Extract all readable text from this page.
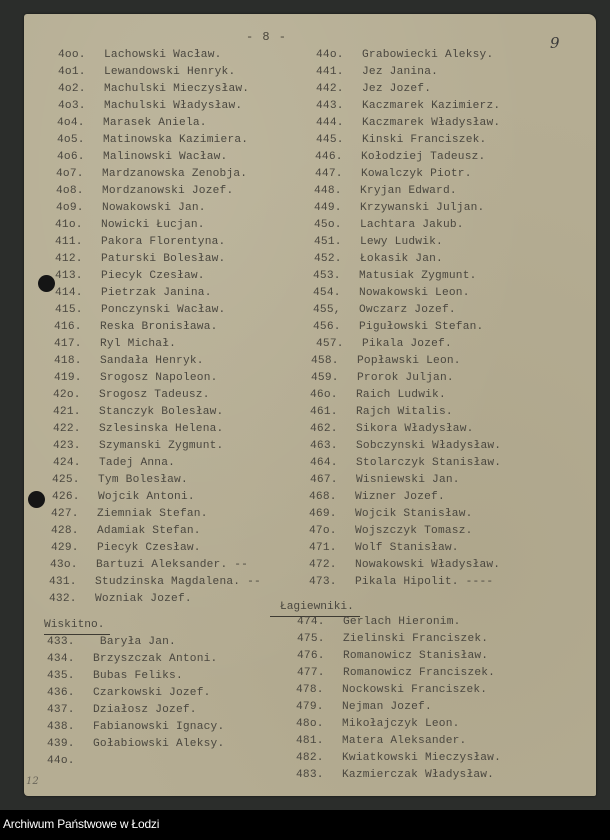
- 8 -	9
12
4oo. Lachowski Wacław.
4o1. Lewandowski Henryk.
4o2. Machulski Mieczysław.
4o3. Machulski Władysław.
4o4. Marasek Aniela.
4o5. Matinowska Kazimiera.
4o6. Malinowski Wacław.
4o7. Mardzanowska Zenobja.
4o8. Mordzanowski Jozef.
4o9. Nowakowski Jan.
41o. Nowicki Łucjan.
411. Pakora Florentyna.
412. Paturski Bolesław.
413. Piecyk Czesław.
414. Pietrzak Janina.
415. Ponczynski Wacław.
416. Reska Bronisława.
417. Ryl Michał.
418. Sandała Henryk.
419. Srogosz Napoleon.
42o. Srogosz Tadeusz.
421. Stanczyk Bolesław.
422. Szlesinska Helena.
423. Szymanski Zygmunt.
424. Tadej Anna.
425. Tym Bolesław.
426. Wojcik Antoni.
427. Ziemniak Stefan.
428. Adamiak Stefan.
429. Piecyk Czesław.
43o. Bartuzi Aleksander. --
431. Studzinska Magdalena. --
432. Wozniak Jozef.
Wiskitno.
433. Baryła Jan.
434. Brzyszczak Antoni.
435. Bubas Feliks.
436. Czarkowski Jozef.
437. Działosz Jozef.
438. Fabianowski Ignacy.
439. Gołabiowski Aleksy.
44o.
44o. Grabowiecki Aleksy.
441. Jez Janina.
442. Jez Jozef.
443. Kaczmarek Kazimierz.
444. Kaczmarek Władysław.
445. Kinski Franciszek.
446. Kołodziej Tadeusz.
447. Kowalczyk Piotr.
448. Kryjan Edward.
449. Krzywanski Juljan.
45o. Lachtara Jakub.
451. Lewy Ludwik.
452. Łokasik Jan.
453. Matusiak Zygmunt.
454. Nowakowski Leon.
455, Owczarz Jozef.
456. Pigułowski Stefan.
457. Pikala Jozef.
458. Popławski Leon.
459. Prorok Juljan.
46o. Raich Ludwik.
461. Rajch Witalis.
462. Sikora Władysław.
463. Sobczynski Władysław.
464. Stolarczyk Stanisław.
467. Wisniewski Jan.
468. Wizner Jozef.
469. Wojcik Stanisław.
47o. Wojszczyk Tomasz.
471. Wolf Stanisław.
472. Nowakowski Władysław.
473. Pikala Hipolit. ----
Łagiewniki.
474. Gerlach Hieronim.
475. Zielinski Franciszek.
476. Romanowicz Stanisław.
477. Romanowicz Franciszek.
478. Nockowski Franciszek.
479. Nejman Jozef.
48o. Mikołajczyk Leon.
481. Matera Aleksander.
482. Kwiatkowski Mieczysław.
483. Kazmierczak Władysław.
Archiwum Państwowe w Łodzi
